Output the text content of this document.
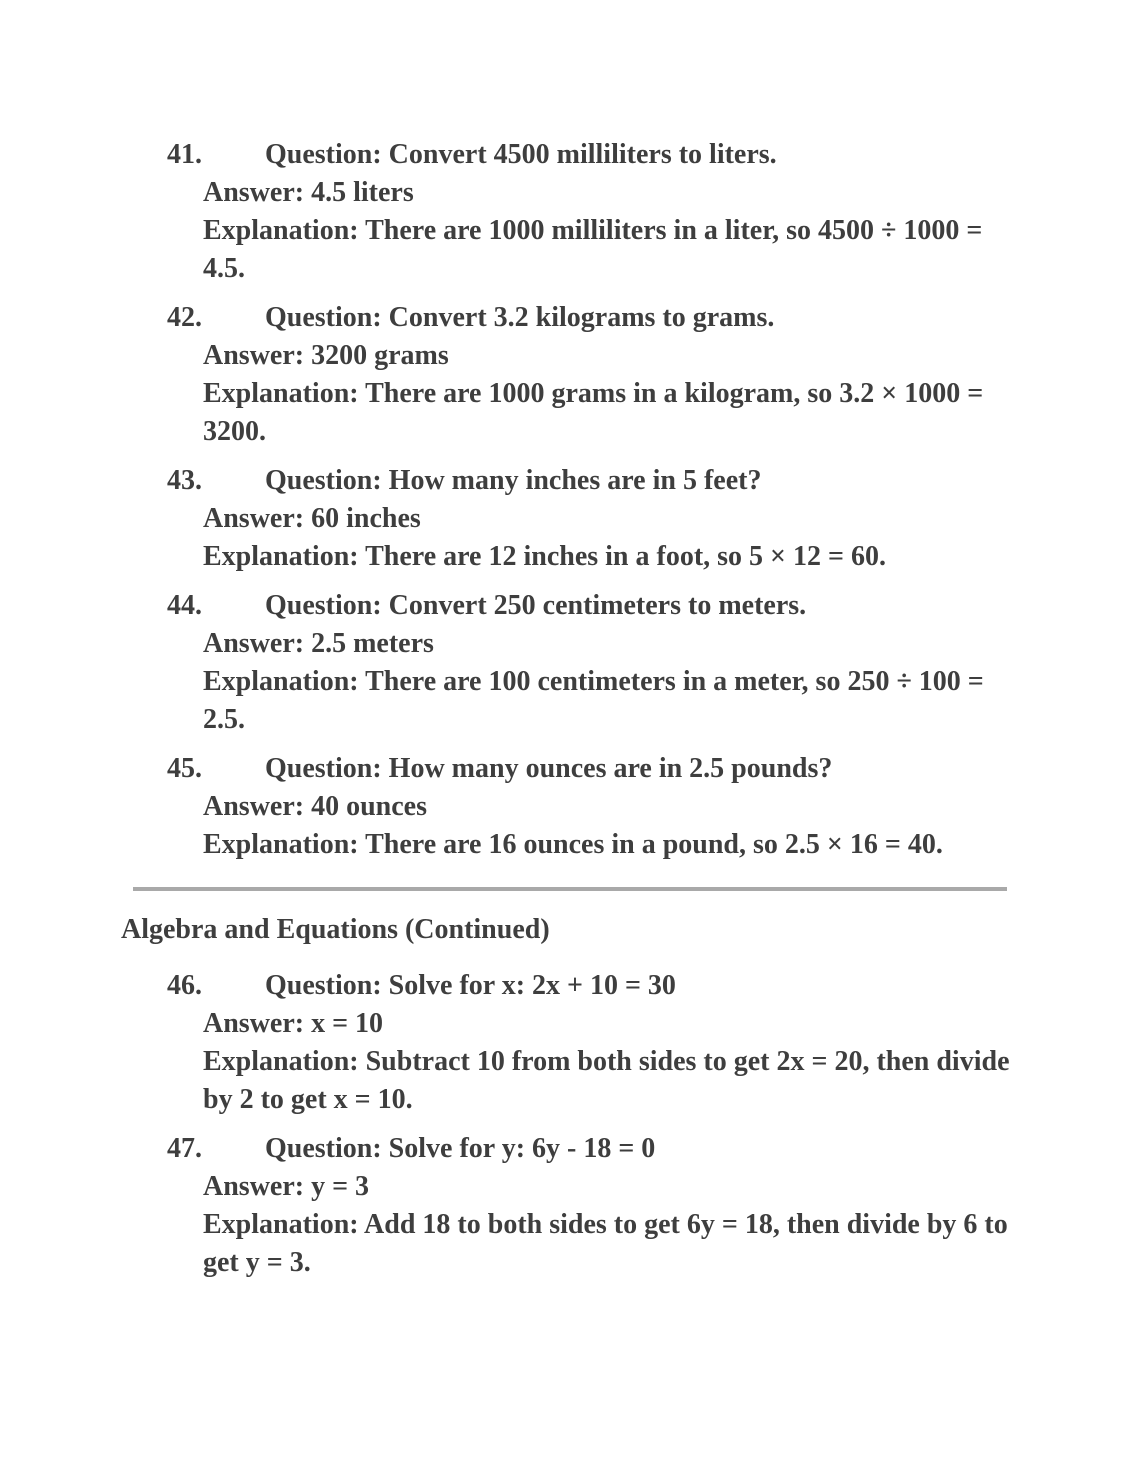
41. Question: Convert 4500 milliliters to liters.

Answer: 4.5 liters

Explanation: There are 1000 milliliters in a liter, so 4500 ÷ 1000 = 4.5.

42. Question: Convert 3.2 kilograms to grams.

Answer: 3200 grams

Explanation: There are 1000 grams in a kilogram, so 3.2 × 1000 = 3200.

43. Question: How many inches are in 5 feet?

Answer: 60 inches

Explanation: There are 12 inches in a foot, so 5 × 12 = 60.

44. Question: Convert 250 centimeters to meters.

Answer: 2.5 meters

Explanation: There are 100 centimeters in a meter, so 250 ÷ 100 = 2.5.

45. Question: How many ounces are in 2.5 pounds?

Answer: 40 ounces

Explanation: There are 16 ounces in a pound, so 2.5 × 16 = 40.

Algebra and Equations (Continued)

46. Question: Solve for x: 2x + 10 = 30

Answer: x = 10

Explanation: Subtract 10 from both sides to get 2x = 20, then divide by 2 to get x = 10.

47. Question: Solve for y: 6y - 18 = 0

Answer: y = 3

Explanation: Add 18 to both sides to get 6y = 18, then divide by 6 to get y = 3.
